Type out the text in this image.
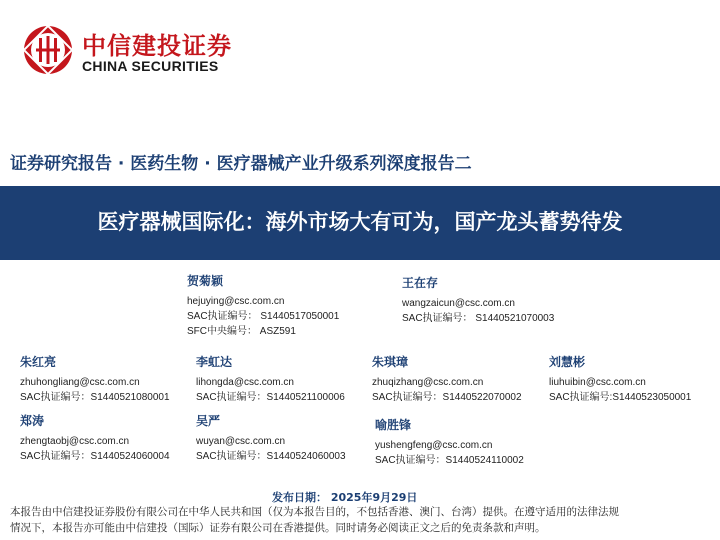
中信建投证券
CHINA SECURITIES
证券研究报告 · 医药生物 · 医疗器械产业升级系列深度报告二
医疗器械国际化：海外市场大有可为，国产龙头蓄势待发
贺菊颖
hejuying@csc.com.cn
SAC执证编号： S1440517050001
SFC中央编号： ASZ591
王在存
wangzaicun@csc.com.cn
SAC执证编号： S1440521070003
朱红亮
zhuhongliang@csc.com.cn
SAC执证编号：S1440521080001
李虹达
lihongda@csc.com.cn
SAC执证编号：S1440521100006
朱琪璋
zhuqizhang@csc.com.cn
SAC执证编号：S1440522070002
刘慧彬
liuhuibin@csc.com.cn
SAC执证编号:S1440523050001
郑涛
zhengtaobj@csc.com.cn
SAC执证编号：S1440524060004
吴严
wuyan@csc.com.cn
SAC执证编号：S1440524060003
喻胜锋
yushengfeng@csc.com.cn
SAC执证编号：S1440524110002
发布日期： 2025年9月29日
本报告由中信建投证券股份有限公司在中华人民共和国（仅为本报告目的，不包括香港、澳门、台湾）提供。在遵守适用的法律法规
情况下，本报告亦可能由中信建投（国际）证券有限公司在香港提供。同时请务必阅读正文之后的免责条款和声明。
